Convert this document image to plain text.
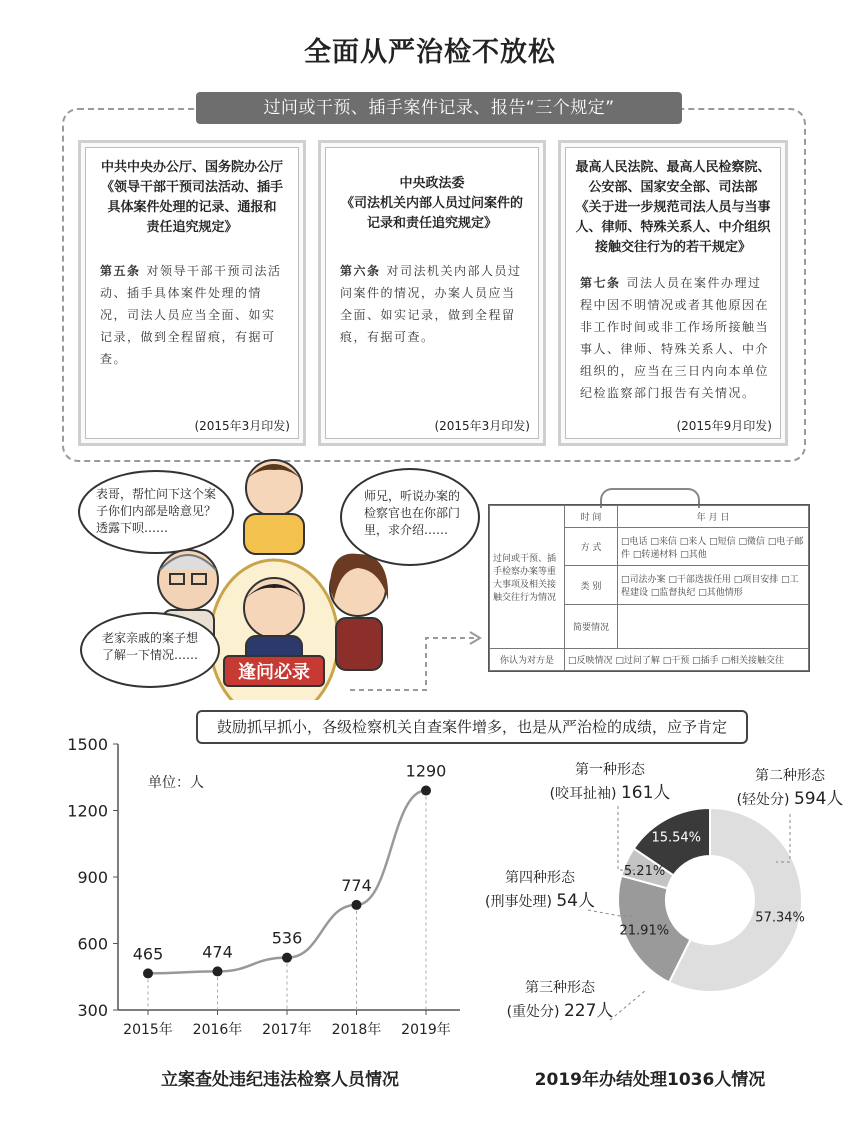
全面从严治检不放松
过问或干预、插手案件记录、报告“三个规定”
中共中央办公厅、国务院办公厅
《领导干部干预司法活动、插手
具体案件处理的记录、通报和
责任追究规定》
第五条 对领导干部干预司法活动、插手具体案件处理的情况，司法人员应当全面、如实记录，做到全程留痕，有据可查。
(2015年3月印发)
中央政法委
《司法机关内部人员过问案件的
记录和责任追究规定》
第六条 对司法机关内部人员过问案件的情况，办案人员应当全面、如实记录，做到全程留痕，有据可查。
(2015年3月印发)
最高人民法院、最高人民检察院、
公安部、国家安全部、司法部
《关于进一步规范司法人员与当事
人、律师、特殊关系人、中介组织
接触交往行为的若干规定》
第七条 司法人员在案件办理过程中因不明情况或者其他原因在非工作时间或非工作场所接触当事人、律师、特殊关系人、中介组织的，应当在三日内向本单位纪检监察部门报告有关情况。
(2015年9月印发)
逢问必录
表哥，帮忙问下这个案子你们内部是啥意见？透露下呗……
师兄，听说办案的检察官也在你部门里，求介绍……
老家亲戚的案子想了解一下情况……
过问或干预、插手检察办案等重大事项及相关接触交往行为情况	时 间	年 月 日
	方 式	□电话 □来信 □来人 □短信 □微信 □电子邮件 □转递材料 □其他
	类 别	□司法办案 □干部选拔任用 □项目安排 □工程建设 □监督执纪 □其他情形
	简要情况	
你认为对方是	□反映情况 □过问了解 □干预 □插手 □相关接触交往	
鼓励抓早抓小，各级检察机关自查案件增多，也是从严治检的成绩，应予肯定
300
600
900
1200
1500
2015年 2016年 2017年 2018年 2019年
465 474
536
774
1290
单位：人
立案查处违纪违法检察人员情况
57.34%
21.91%
5.21%
15.54%
第一种形态
(咬耳扯袖) 161人
第二种形态
(轻处分) 594人
第四种形态
(刑事处理) 54人
第三种形态
(重处分) 227人
2019年办结处理1036人情况
